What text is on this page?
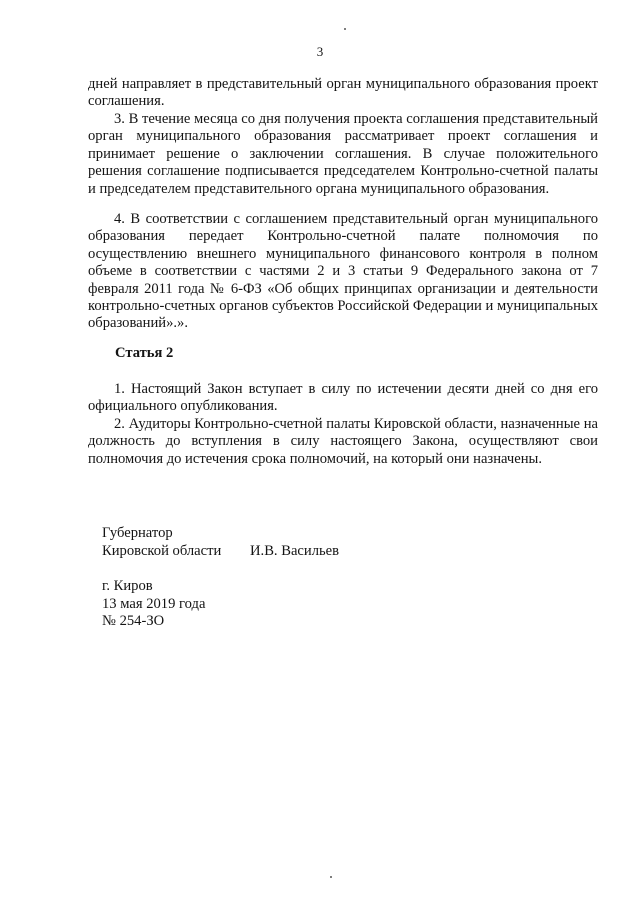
3

дней направляет в представительный орган муниципального образования проект соглашения.

3. В течение месяца со дня получения проекта соглашения представительный орган муниципального образования рассматривает проект соглашения и принимает решение о заключении соглашения. В случае положительного решения соглашение подписывается председателем Контрольно-счетной палаты и председателем представительного органа муниципального образования.

4. В соответствии с соглашением представительный орган муниципального образования передает Контрольно-счетной палате полномочия по осуществлению внешнего муниципального финансового контроля в полном объеме в соответствии с частями 2 и 3 статьи 9 Федерального закона от 7 февраля 2011 года № 6-ФЗ «Об общих принципах организации и деятельности контрольно-счетных органов субъектов Российской Федерации и муниципальных образований».».

Статья 2

1. Настоящий Закон вступает в силу по истечении десяти дней со дня его официального опубликования.

2. Аудиторы Контрольно-счетной палаты Кировской области, назначенные на должность до вступления в силу настоящего Закона, осуществляют свои полномочия до истечения срока полномочий, на который они назначены.

Губернатор
Кировской области И.В. Васильев
г. Киров
13 мая 2019 года
№ 254-ЗО
